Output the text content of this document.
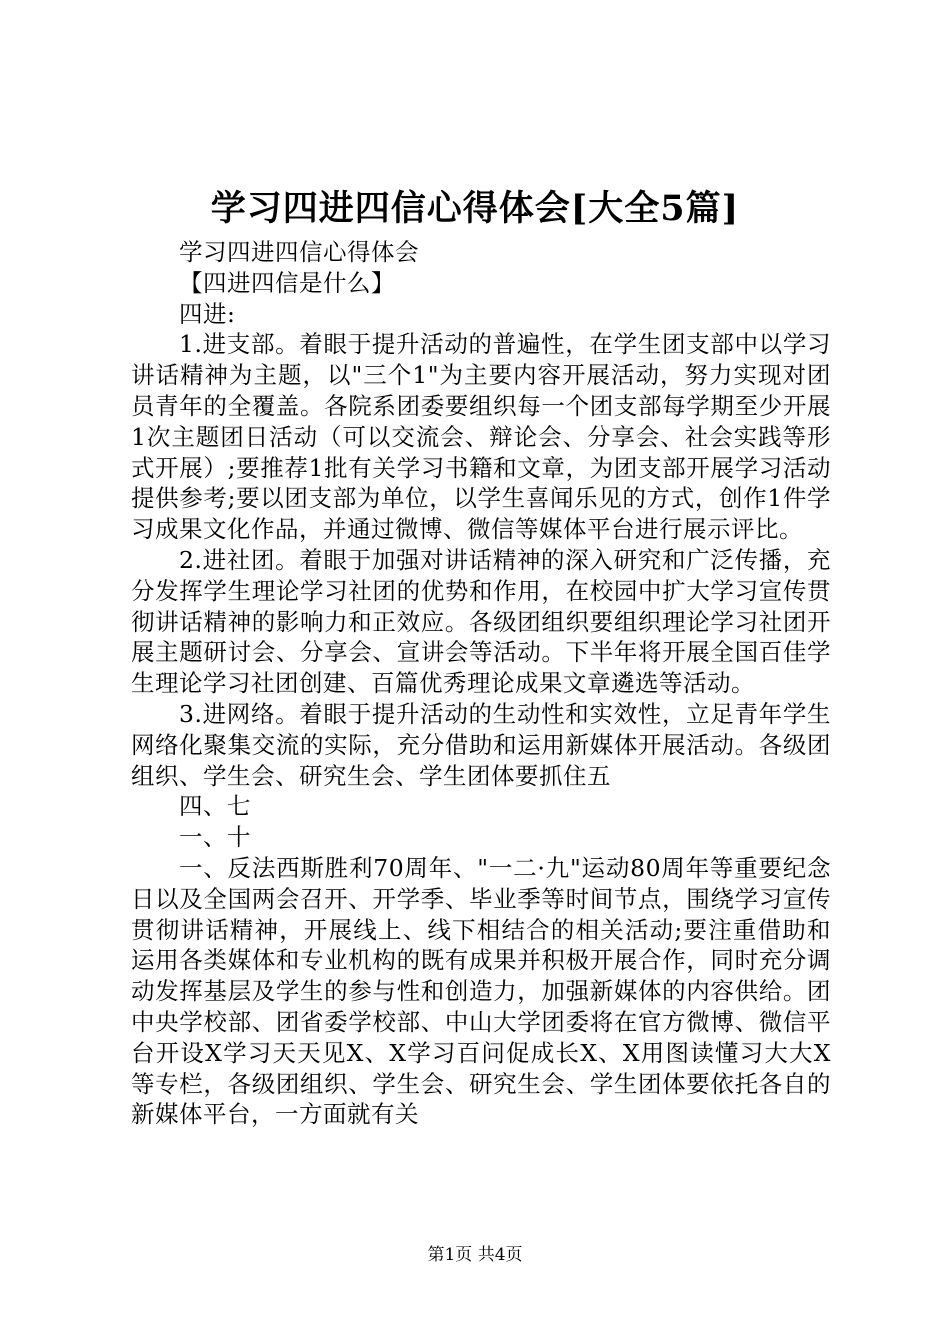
学习四进四信心得体会[大全5篇]

学习四进四信心得体会

【四进四信是什么】

四进:

1.进支部。着眼于提升活动的普遍性，在学生团支部中以学习讲话精神为主题，以"三个1"为主要内容开展活动，努力实现对团员青年的全覆盖。各院系团委要组织每一个团支部每学期至少开展1次主题团日活动（可以交流会、辩论会、分享会、社会实践等形式开展）;要推荐1批有关学习书籍和文章，为团支部开展学习活动提供参考;要以团支部为单位，以学生喜闻乐见的方式，创作1件学习成果文化作品，并通过微博、微信等媒体平台进行展示评比。

2.进社团。着眼于加强对讲话精神的深入研究和广泛传播，充分发挥学生理论学习社团的优势和作用，在校园中扩大学习宣传贯彻讲话精神的影响力和正效应。各级团组织要组织理论学习社团开展主题研讨会、分享会、宣讲会等活动。下半年将开展全国百佳学生理论学习社团创建、百篇优秀理论成果文章遴选等活动。

3.进网络。着眼于提升活动的生动性和实效性，立足青年学生网络化聚集交流的实际，充分借助和运用新媒体开展活动。各级团组织、学生会、研究生会、学生团体要抓住五

四、七

一、十

一、反法西斯胜利70周年、"一二·九"运动80周年等重要纪念日以及全国两会召开、开学季、毕业季等时间节点，围绕学习宣传贯彻讲话精神，开展线上、线下相结合的相关活动;要注重借助和运用各类媒体和专业机构的既有成果并积极开展合作，同时充分调动发挥基层及学生的参与性和创造力，加强新媒体的内容供给。团中央学校部、团省委学校部、中山大学团委将在官方微博、微信平台开设X学习天天见X、X学习百问促成长X、X用图读懂习大大X等专栏，各级团组织、学生会、研究生会、学生团体要依托各自的新媒体平台，一方面就有关

第1页 共4页
